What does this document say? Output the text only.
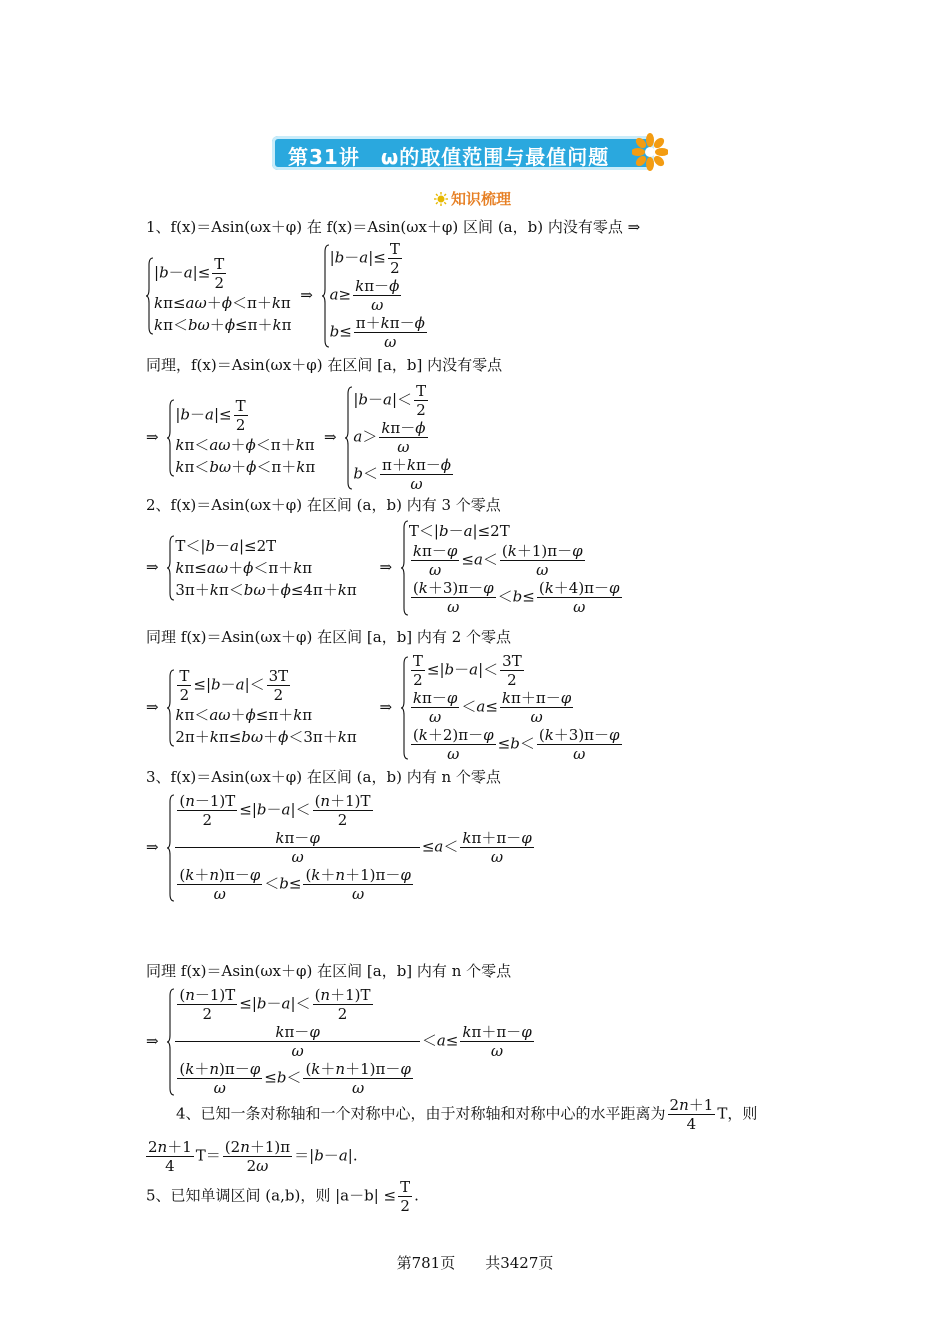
第31讲　ω的取值范围与最值问题
知识梳理
1、f(x)＝Asin(ωx＋φ) 在 f(x)＝Asin(ωx＋φ) 区间 (a，b) 内没有零点 ⇒
$|b-a|\le \frac{T}{2}$
kπ≤aω＋ϕ＜π＋kπ
kπ＜bω＋ϕ≤π＋kπ
⇒
$|b-a|\le \frac{T}{2}$
$a\ge \frac{k\pi-\phi}{\omega}$
$b\le \frac{\pi+k\pi-\phi}{\omega}$
同理，f(x)＝Asin(ωx＋φ) 在区间 [a，b] 内没有零点
⇒
$|b-a|\le \frac{T}{2}$
kπ＜aω＋ϕ＜π＋kπ
kπ＜bω＋ϕ＜π＋kπ
⇒
$|b-a|< \frac{T}{2}$
$a> \frac{k\pi-\phi}{\omega}$
$b< \frac{\pi+k\pi-\phi}{\omega}$
2、f(x)＝Asin(ωx＋φ) 在区间 (a，b) 内有 3 个零点
⇒
T＜|b－a|≤2T
kπ≤aω＋ϕ＜π＋kπ
3π＋kπ＜bω＋ϕ≤4π＋kπ
⇒
T＜|b－a|≤2T
$\frac{k\pi-\varphi}{\omega} \le a< \frac{(k+1)\pi-\varphi}{\omega}$
$\frac{(k+3)\pi-\varphi}{\omega} <b\le \frac{(k+4)\pi-\varphi}{\omega}$
同理 f(x)＝Asin(ωx＋φ) 在区间 [a，b] 内有 2 个零点
⇒
$\frac{T}{2} \le|b-a|< \frac{3T}{2}$
kπ＜aω＋ϕ≤π＋kπ
2π＋kπ≤bω＋ϕ＜3π＋kπ
⇒
$\frac{T}{2} \le|b-a|< \frac{3T}{2}$
$\frac{k\pi-\varphi}{\omega} <a\le \frac{k\pi+\pi-\varphi}{\omega}$
$\frac{(k+2)\pi-\varphi}{\omega} \le b< \frac{(k+3)\pi-\varphi}{\omega}$
3、f(x)＝Asin(ωx＋φ) 在区间 (a，b) 内有 n 个零点
⇒
$\frac{(n-1)T}{2} \le|b-a|< \frac{(n+1)T}{2}$
$\frac{k\pi-\varphi}{\omega} \le a< \frac{k\pi+\pi-\varphi}{\omega}$
$\frac{(k+n)\pi-\varphi}{\omega} <b\le \frac{(k+n+1)\pi-\varphi}{\omega}$
同理 f(x)＝Asin(ωx＋φ) 在区间 [a，b] 内有 n 个零点
⇒
$\frac{(n-1)T}{2} \le|b-a|< \frac{(n+1)T}{2}$
$\frac{k\pi-\varphi}{\omega} <a\le \frac{k\pi+\pi-\varphi}{\omega}$
$\frac{(k+n)\pi-\varphi}{\omega} \le b< \frac{(k+n+1)\pi-\varphi}{\omega}$
4、已知一条对称轴和一个对称中心，由于对称轴和对称中心的水平距离为 $\frac{2n+1}{4}$ T，则
$\frac{2n+1}{4} T= \frac{(2n+1)\pi}{2\omega} =|b-a|$.
5、已知单调区间 (a,b)，则 $|a-b| \le \frac{T}{2}$ .
第781页　　共3427页
